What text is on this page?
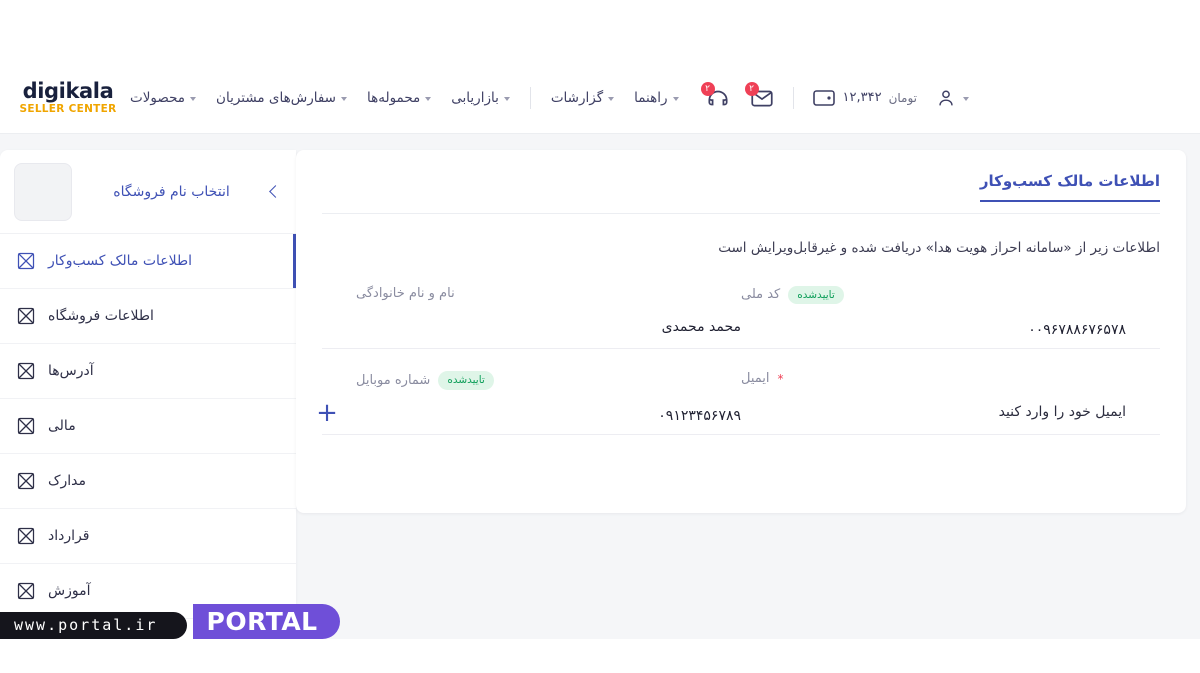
digikala
SELLER CENTER
محصولات سفارش‌های مشتریان محموله‌ها بازاریابی	گزارشات راهنما
۲	۲
۱۲,۳۴۲ تومان
انتخاب نام فروشگاه
اطلاعات مالک کسب‌وکار
اطلاعات فروشگاه
آدرس‌ها
مالی
مدارک
قرارداد
آموزش
اطلاعات مالک کسب‌وکار
اطلاعات زیر از «سامانه احراز هویت هدا» دریافت شده و غیرقابل‌ویرایش است
نام و نام خانوادگی
محمد محمدی
کد ملی	تاییدشده
۰۰۹۶۷۸۸۶۷۶۵۷۸
شماره موبایل	تاییدشده
۰۹۱۲۳۴۵۶۷۸۹
ایمیل *
ایمیل خود را وارد کنید
+
PORTAL www.portal.ir
